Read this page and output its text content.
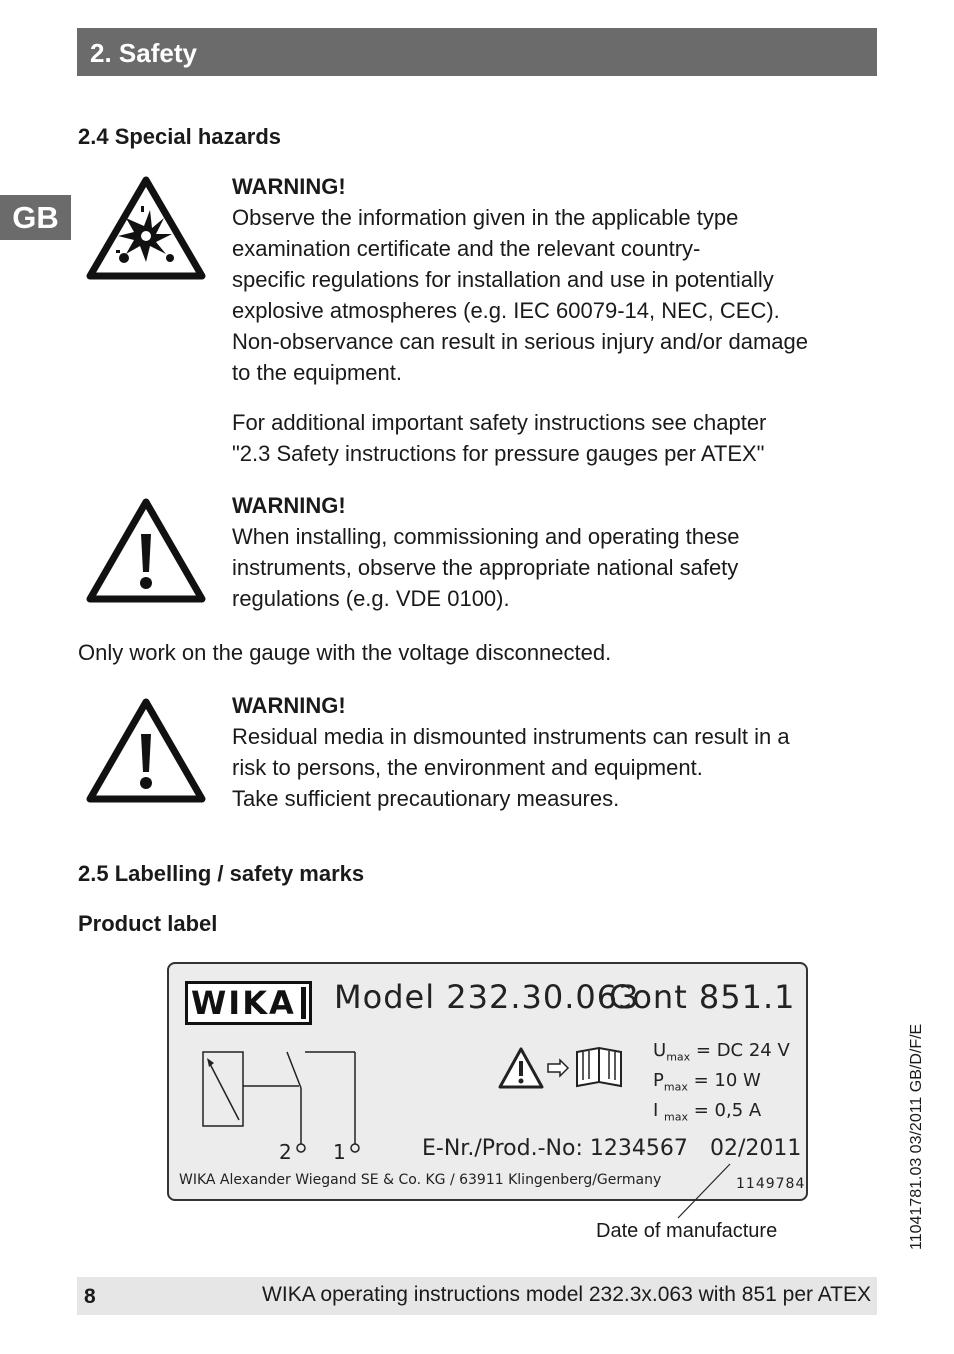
2. Safety
GB
2.4 Special hazards
WARNING!
Observe the information given in the applicable type
examination certificate and the relevant country-
specific regulations for installation and use in potentially
explosive atmospheres (e.g. IEC 60079-14, NEC, CEC).
Non-observance can result in serious injury and/or damage
to the equipment.
For additional important safety instructions see chapter
"2.3 Safety instructions for pressure gauges per ATEX"
WARNING!
When installing, commissioning and operating these
instruments, observe the appropriate national safety
regulations (e.g. VDE 0100).
Only work on the gauge with the voltage disconnected.
WARNING!
Residual media in dismounted instruments can result in a
risk to persons, the environment and equipment.
Take sufficient precautionary measures.
2.5 Labelling / safety marks
Product label
WIKA Model 232.30.063
Cont 851.1
2 1
$U_{max}$ = DC 24 V
$P_{max} = 10$ W
I $_{max}$ = 0,5 A
E-Nr./Prod.-No: 1234567 02/2011
WIKA Alexander Wiegand SE & Co. KG / 63911 Klingenberg/Germany	1149784
Date of manufacture	11041781.03 03/2011 GB/D/F/E
8	WIKA operating instructions model 232.3x.063 with 851 per ATEX
